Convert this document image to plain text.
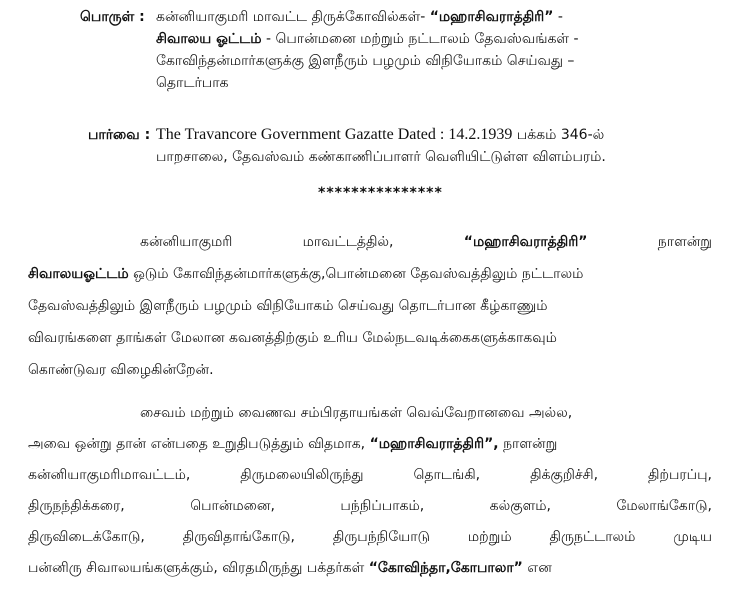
பொருள் : கன்னியாகுமரி மாவட்ட திருக்கோவில்கள்- “மஹாசிவராத்திரி” -
சிவாலய ஓட்டம் - பொன்மனை மற்றும் நட்டாலம் தேவஸ்வங்கள் -
கோவிந்தன்மார்களுக்கு இளநீரும் பழமும் விநியோகம் செய்வது –
தொடர்பாக
பார்வை : The Travancore Government Gazatte Dated : 14.2.1939 பக்கம் 346-ல்
பாறசாலை, தேவஸ்வம் கண்காணிப்பாளர் வெளியிட்டுள்ள விளம்பரம்.
***************
கன்னியாகுமரி	மாவட்டத்தில்,	“மஹாசிவராத்திரி”	நாளன்று
சிவாலயஓட்டம் ஒடும் கோவிந்தன்மார்களுக்கு,பொன்மனை தேவஸ்வத்திலும் நட்டாலம்
தேவஸ்வத்திலும் இளநீரும் பழமும் விநியோகம் செய்வது தொடர்பான கீழ்காணும்
விவரங்களை தாங்கள் மேலான கவனத்திற்கும் உரிய மேல்நடவடிக்கைகளுக்காகவும்
கொண்டுவர விழைகின்றேன்.
சைவம் மற்றும் வைணவ சம்பிரதாயங்கள் வெவ்வேறானவை அல்ல,
அவை ஒன்று தான் என்பதை உறுதிபடுத்தும் விதமாக, “மஹாசிவராத்திரி”, நாளன்று
கன்னியாகுமரிமாவட்டம்,	திருமலையிலிருந்து	தொடங்கி,	திக்குறிச்சி,	திற்பரப்பு,
திருநந்திக்கரை,	பொன்மனை,	பந்நிப்பாகம்,	கல்குளம்,	மேலாங்கோடு,
திருவிடைக்கோடு,	திருவிதாங்கோடு,	திருபந்நியோடு	மற்றும்	திருநட்டாலம்	முடிய
பன்னிரு சிவாலயங்களுக்கும், விரதமிருந்து பக்தர்கள் “கோவிந்தா,கோபாலா” என
